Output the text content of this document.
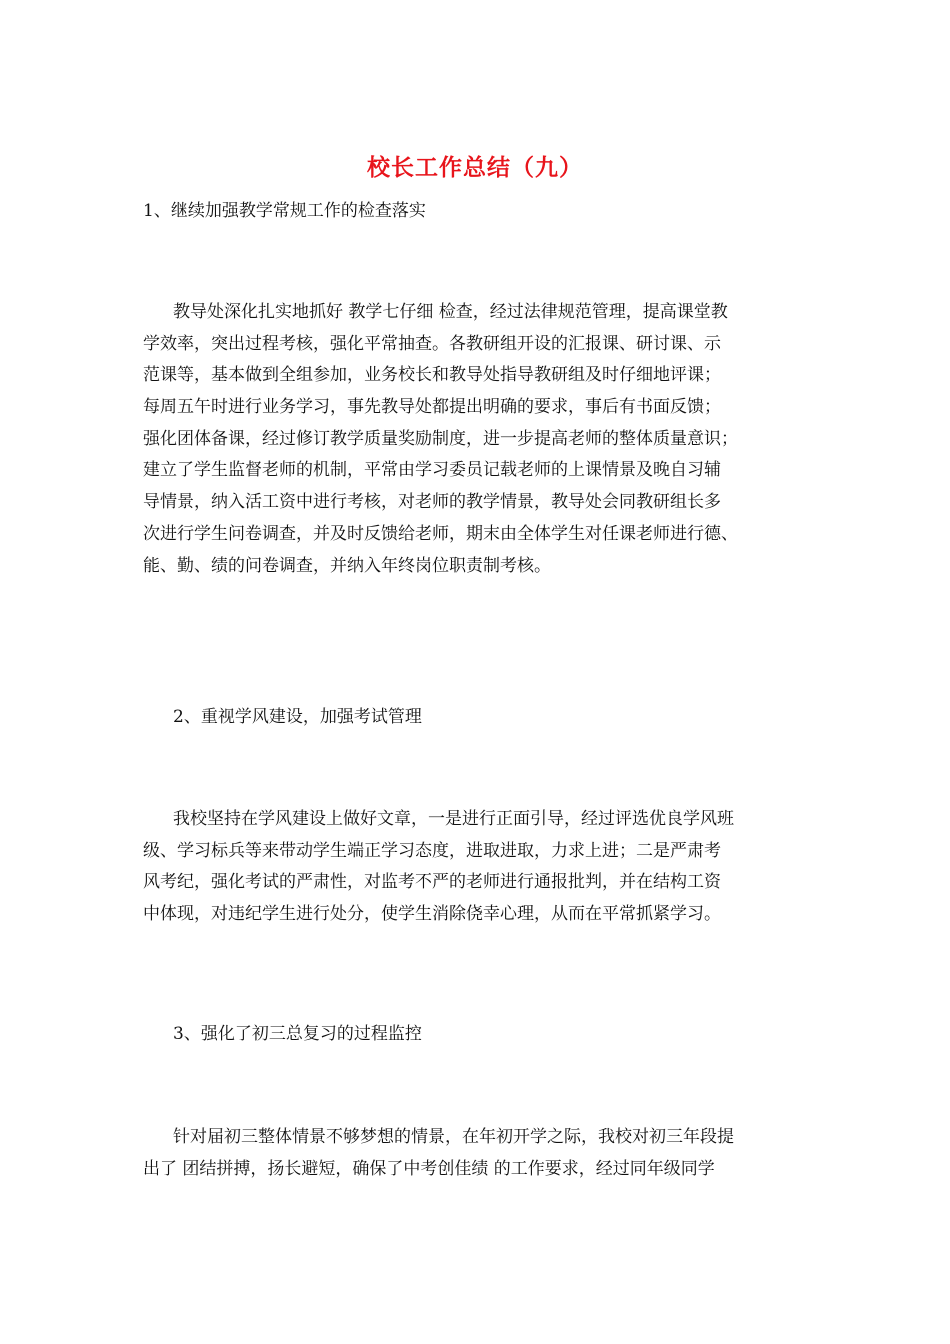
校长工作总结（九）
1、继续加强教学常规工作的检查落实
教导处深化扎实地抓好 教学七仔细 检查，经过法律规范管理，提高课堂教
学效率，突出过程考核，强化平常抽查。各教研组开设的汇报课、研讨课、示
范课等，基本做到全组参加，业务校长和教导处指导教研组及时仔细地评课；
每周五午时进行业务学习，事先教导处都提出明确的要求，事后有书面反馈；
强化团体备课，经过修订教学质量奖励制度，进一步提高老师的整体质量意识；
建立了学生监督老师的机制，平常由学习委员记载老师的上课情景及晚自习辅
导情景，纳入活工资中进行考核，对老师的教学情景，教导处会同教研组长多
次进行学生问卷调查，并及时反馈给老师，期末由全体学生对任课老师进行德、
能、勤、绩的问卷调查，并纳入年终岗位职责制考核。
2、重视学风建设，加强考试管理
我校坚持在学风建设上做好文章，一是进行正面引导，经过评选优良学风班
级、学习标兵等来带动学生端正学习态度，进取进取，力求上进；二是严肃考
风考纪，强化考试的严肃性，对监考不严的老师进行通报批判，并在结构工资
中体现，对违纪学生进行处分，使学生消除侥幸心理，从而在平常抓紧学习。
3、强化了初三总复习的过程监控
针对届初三整体情景不够梦想的情景，在年初开学之际，我校对初三年段提
出了 团结拼搏，扬长避短，确保了中考创佳绩 的工作要求，经过同年级同学
